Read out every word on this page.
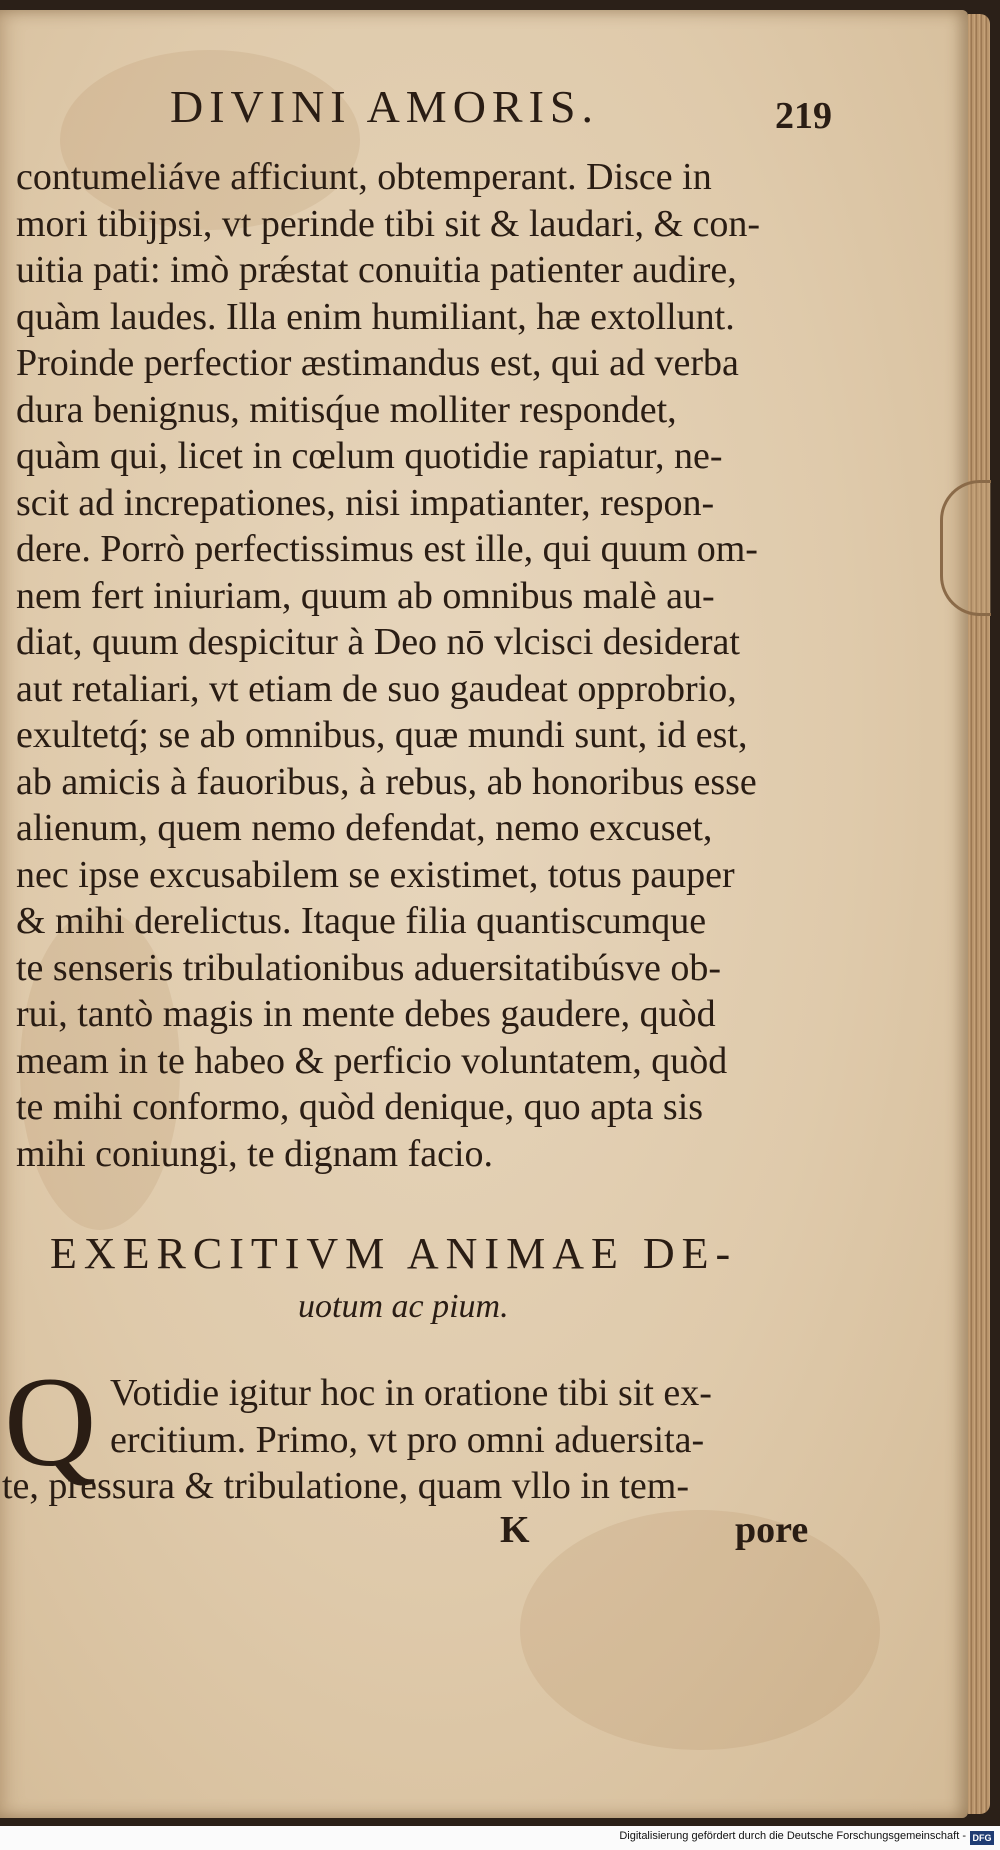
DIVINI AMORIS.	219
contumeliáve afficiunt, obtemperant. Disce in
mori tibijpsi, vt perinde tibi sit & laudari, & con-
uitia pati: imò prǽstat conuitia patienter audire,
quàm laudes. Illa enim humiliant, hæ extollunt.
Proinde perfectior æstimandus est, qui ad verba
dura benignus, mitisq́ue molliter respondet,
quàm qui, licet in cœlum quotidie rapiatur, ne-
scit ad increpationes, nisi impatianter, respon-
dere. Porrò perfectissimus est ille, qui quum om-
nem fert iniuriam, quum ab omnibus malè au-
diat, quum despicitur à Deo nō vlcisci desiderat
aut retaliari, vt etiam de suo gaudeat opprobrio,
exultetq́; se ab omnibus, quæ mundi sunt, id est,
ab amicis à fauoribus, à rebus, ab honoribus esse
alienum, quem nemo defendat, nemo excuset,
nec ipse excusabilem se existimet, totus pauper
& mihi derelictus. Itaque filia quantiscumque
te senseris tribulationibus aduersitatibúsve ob-
rui, tantò magis in mente debes gaudere, quòd
meam in te habeo & perficio voluntatem, quòd
te mihi conformo, quòd denique, quo apta sis
mihi coniungi, te dignam facio.
EXERCITIVM ANIMAE DE-
uotum ac pium.
Q Votidie igitur hoc in oratione tibi sit ex-
ercitium. Primo, vt pro omni aduersita-
te, pressura & tribulatione, quam vllo in tem-
K	pore
Digitalisierung gefördert durch die Deutsche Forschungsgemeinschaft - DFG
